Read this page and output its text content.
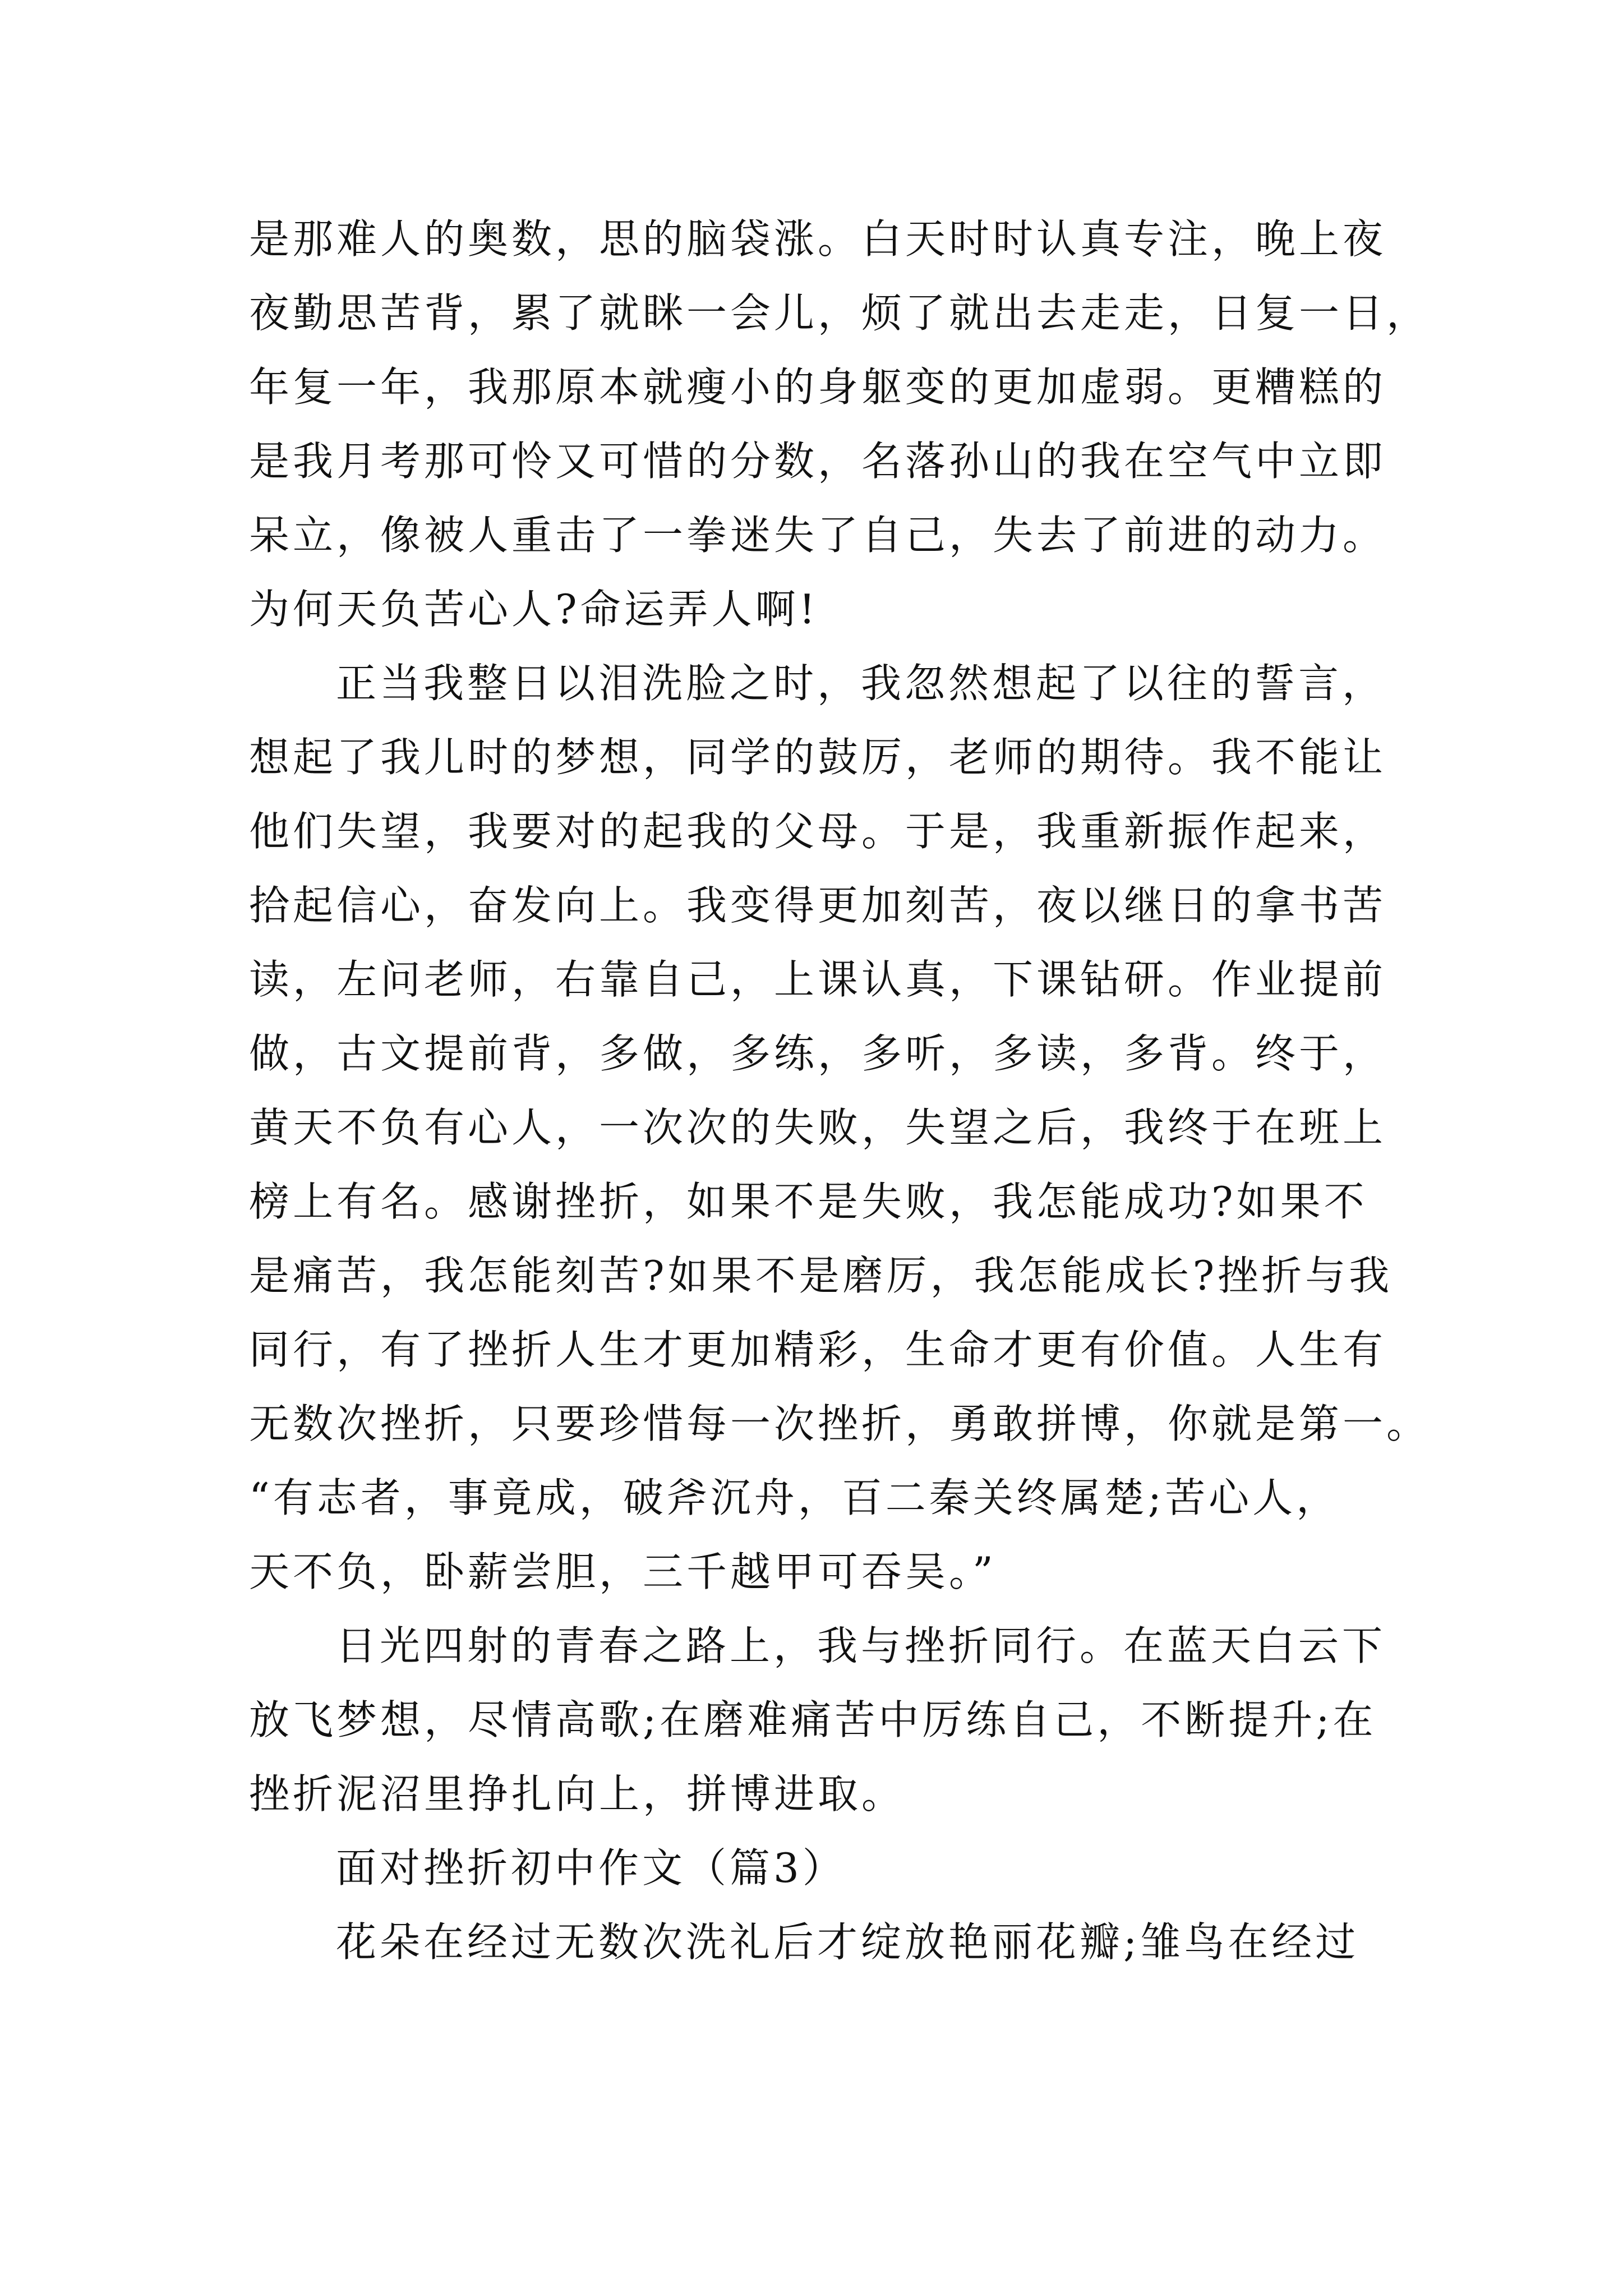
是那难人的奥数，思的脑袋涨。白天时时认真专注，晚上夜
夜勤思苦背，累了就眯一会儿，烦了就出去走走，日复一日，
年复一年，我那原本就瘦小的身躯变的更加虚弱。更糟糕的
是我月考那可怜又可惜的分数，名落孙山的我在空气中立即
呆立，像被人重击了一拳迷失了自己，失去了前进的动力。
为何天负苦心人?命运弄人啊!
正当我整日以泪洗脸之时，我忽然想起了以往的誓言，
想起了我儿时的梦想，同学的鼓厉，老师的期待。我不能让
他们失望，我要对的起我的父母。于是，我重新振作起来，
拾起信心，奋发向上。我变得更加刻苦，夜以继日的拿书苦
读，左问老师，右靠自己，上课认真，下课钻研。作业提前
做，古文提前背，多做，多练，多听，多读，多背。终于，
黄天不负有心人，一次次的失败，失望之后，我终于在班上
榜上有名。感谢挫折，如果不是失败，我怎能成功?如果不
是痛苦，我怎能刻苦?如果不是磨厉，我怎能成长?挫折与我
同行，有了挫折人生才更加精彩，生命才更有价值。人生有
无数次挫折，只要珍惜每一次挫折，勇敢拼博，你就是第一。
“有志者，事竟成，破斧沉舟，百二秦关终属楚;苦心人，
天不负，卧薪尝胆，三千越甲可吞吴。”
日光四射的青春之路上，我与挫折同行。在蓝天白云下
放飞梦想，尽情高歌;在磨难痛苦中厉练自己，不断提升;在
挫折泥沼里挣扎向上，拼博进取。
面对挫折初中作文（篇3）
花朵在经过无数次洗礼后才绽放艳丽花瓣;雏鸟在经过
